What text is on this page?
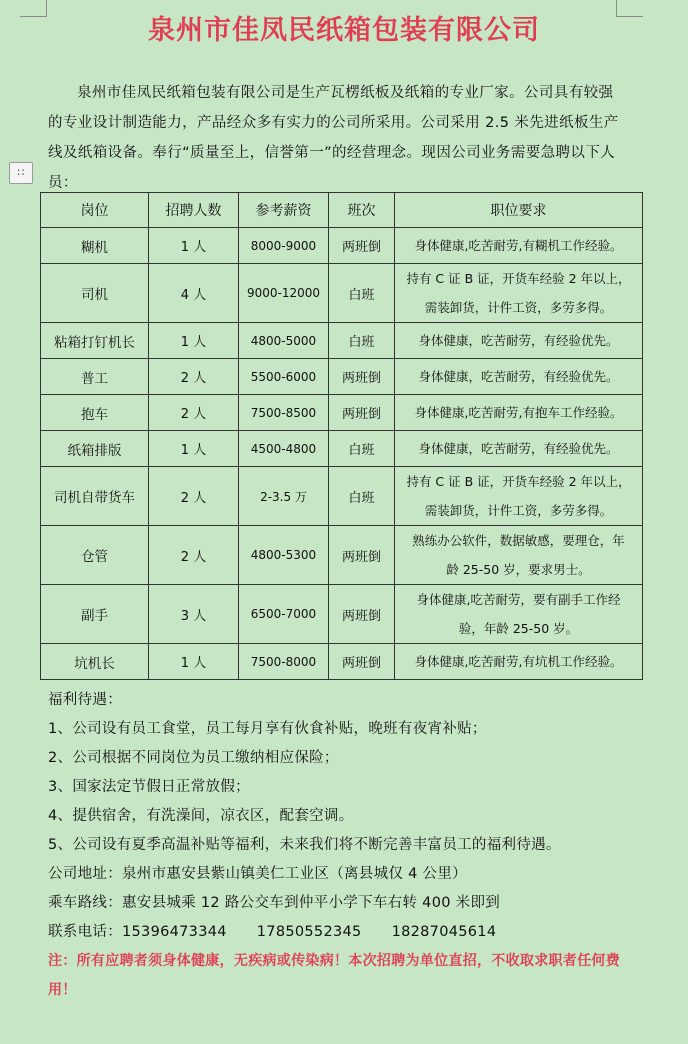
∷
泉州市佳凤民纸箱包装有限公司

泉州市佳凤民纸箱包装有限公司是生产瓦楞纸板及纸箱的专业厂家。公司具有较强的专业设计制造能力，产品经众多有实力的公司所采用。公司采用 2.5 米先进纸板生产线及纸箱设备。奉行“质量至上，信誉第一”的经营理念。现因公司业务需要急聘以下人员：

岗位	招聘人数	参考薪资	班次	职位要求
糊机	1 人	8000-9000	两班倒	身体健康,吃苦耐劳,有糊机工作经验。

司机	4 人	9000-12000	白班	持有 C 证 B 证，开货车经验 2 年以上，
需装卸货，计件工资，多劳多得。

粘箱打钉机长	1 人	4800-5000	白班	身体健康，吃苦耐劳，有经验优先。

普工	2 人	5500-6000	两班倒	身体健康，吃苦耐劳，有经验优先。

抱车	2 人	7500-8500	两班倒	身体健康,吃苦耐劳,有抱车工作经验。

纸箱排版	1 人	4500-4800	白班	身体健康，吃苦耐劳，有经验优先。

司机自带货车	2 人	2-3.5 万	白班	持有 C 证 B 证，开货车经验 2 年以上，
需装卸货，计件工资，多劳多得。

仓管	2 人	4800-5300	两班倒	熟练办公软件，数据敏感，要理仓，年
龄 25-50 岁，要求男士。

副手	3 人	6500-7000	两班倒	身体健康,吃苦耐劳，要有副手工作经
验，年龄 25-50 岁。

坑机长	1 人	7500-8000	两班倒	身体健康,吃苦耐劳,有坑机工作经验。
福利待遇：
1、公司设有员工食堂，员工每月享有伙食补贴，晚班有夜宵补贴；
2、公司根据不同岗位为员工缴纳相应保险；
3、国家法定节假日正常放假；
4、提供宿舍，有洗澡间，凉衣区，配套空调。
5、公司设有夏季高温补贴等福利，未来我们将不断完善丰富员工的福利待遇。
公司地址：泉州市惠安县紫山镇美仁工业区（离县城仅 4 公里）
乘车路线：惠安县城乘 12 路公交车到仲平小学下车右转 400 米即到
联系电话：15396473344 17850552345 18287045614
注：所有应聘者须身体健康，无疾病或传染病！本次招聘为单位直招，不收取求职者任何费用！
